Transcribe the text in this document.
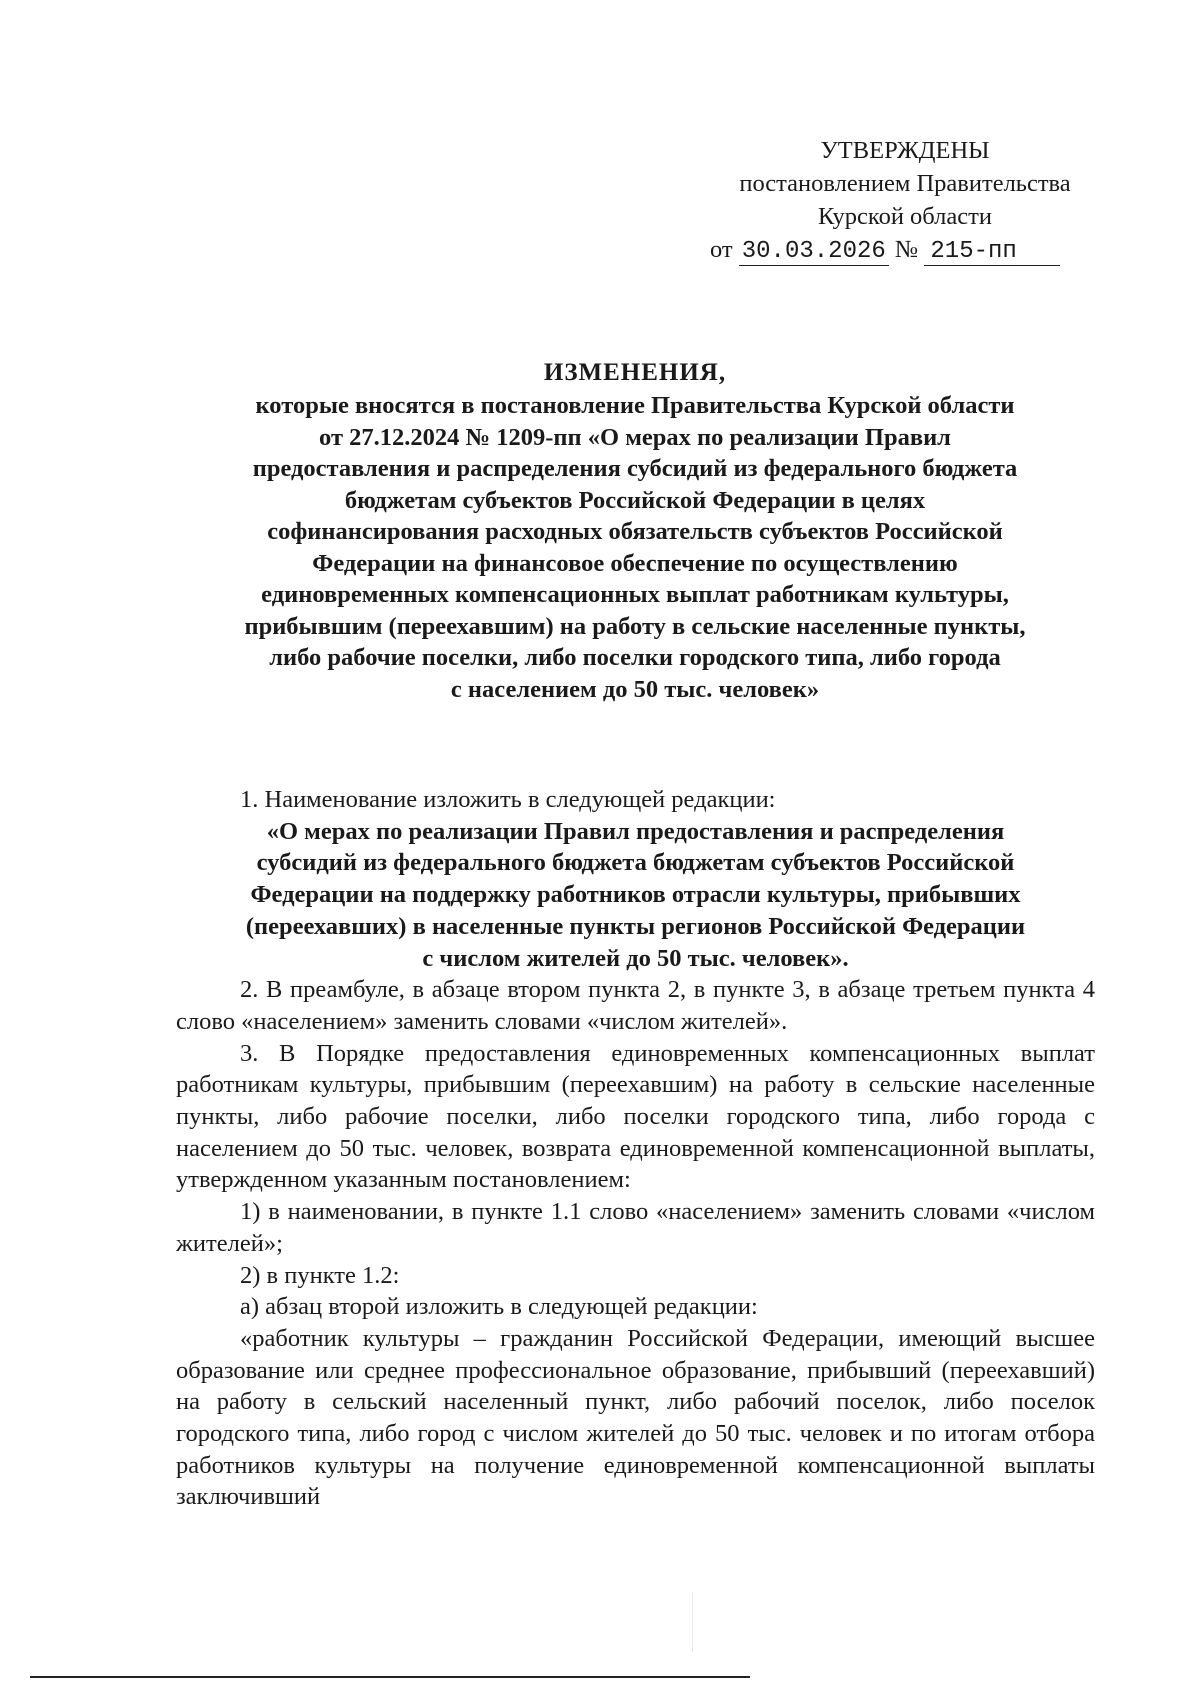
УТВЕРЖДЕНЫ
постановлением Правительства
Курской области
от 30.03.2026 № 215-пп
ИЗМЕНЕНИЯ,
которые вносятся в постановление Правительства Курской области
от 27.12.2024 № 1209-пп «О мерах по реализации Правил
предоставления и распределения субсидий из федерального бюджета
бюджетам субъектов Российской Федерации в целях
софинансирования расходных обязательств субъектов Российской
Федерации на финансовое обеспечение по осуществлению
единовременных компенсационных выплат работникам культуры,
прибывшим (переехавшим) на работу в сельские населенные пункты,
либо рабочие поселки, либо поселки городского типа, либо города
с населением до 50 тыс. человек»

1. Наименование изложить в следующей редакции:

«О мерах по реализации Правил предоставления и распределения
субсидий из федерального бюджета бюджетам субъектов Российской
Федерации на поддержку работников отрасли культуры, прибывших
(переехавших) в населенные пункты регионов Российской Федерации
с числом жителей до 50 тыс. человек».

2. В преамбуле, в абзаце втором пункта 2, в пункте 3, в абзаце третьем пункта 4 слово «населением» заменить словами «числом жителей».

3. В Порядке предоставления единовременных компенсационных выплат работникам культуры, прибывшим (переехавшим) на работу в сельские населенные пункты, либо рабочие поселки, либо поселки городского типа, либо города с населением до 50 тыс. человек, возврата единовременной компенсационной выплаты, утвержденном указанным постановлением:

1) в наименовании, в пункте 1.1 слово «населением» заменить словами «числом жителей»;

2) в пункте 1.2:

а) абзац второй изложить в следующей редакции:

«работник культуры – гражданин Российской Федерации, имеющий высшее образование или среднее профессиональное образование, прибывший (переехавший) на работу в сельский населенный пункт, либо рабочий поселок, либо поселок городского типа, либо город с числом жителей до 50 тыс. человек и по итогам отбора работников культуры на получение единовременной компенсационной выплаты заключивший
